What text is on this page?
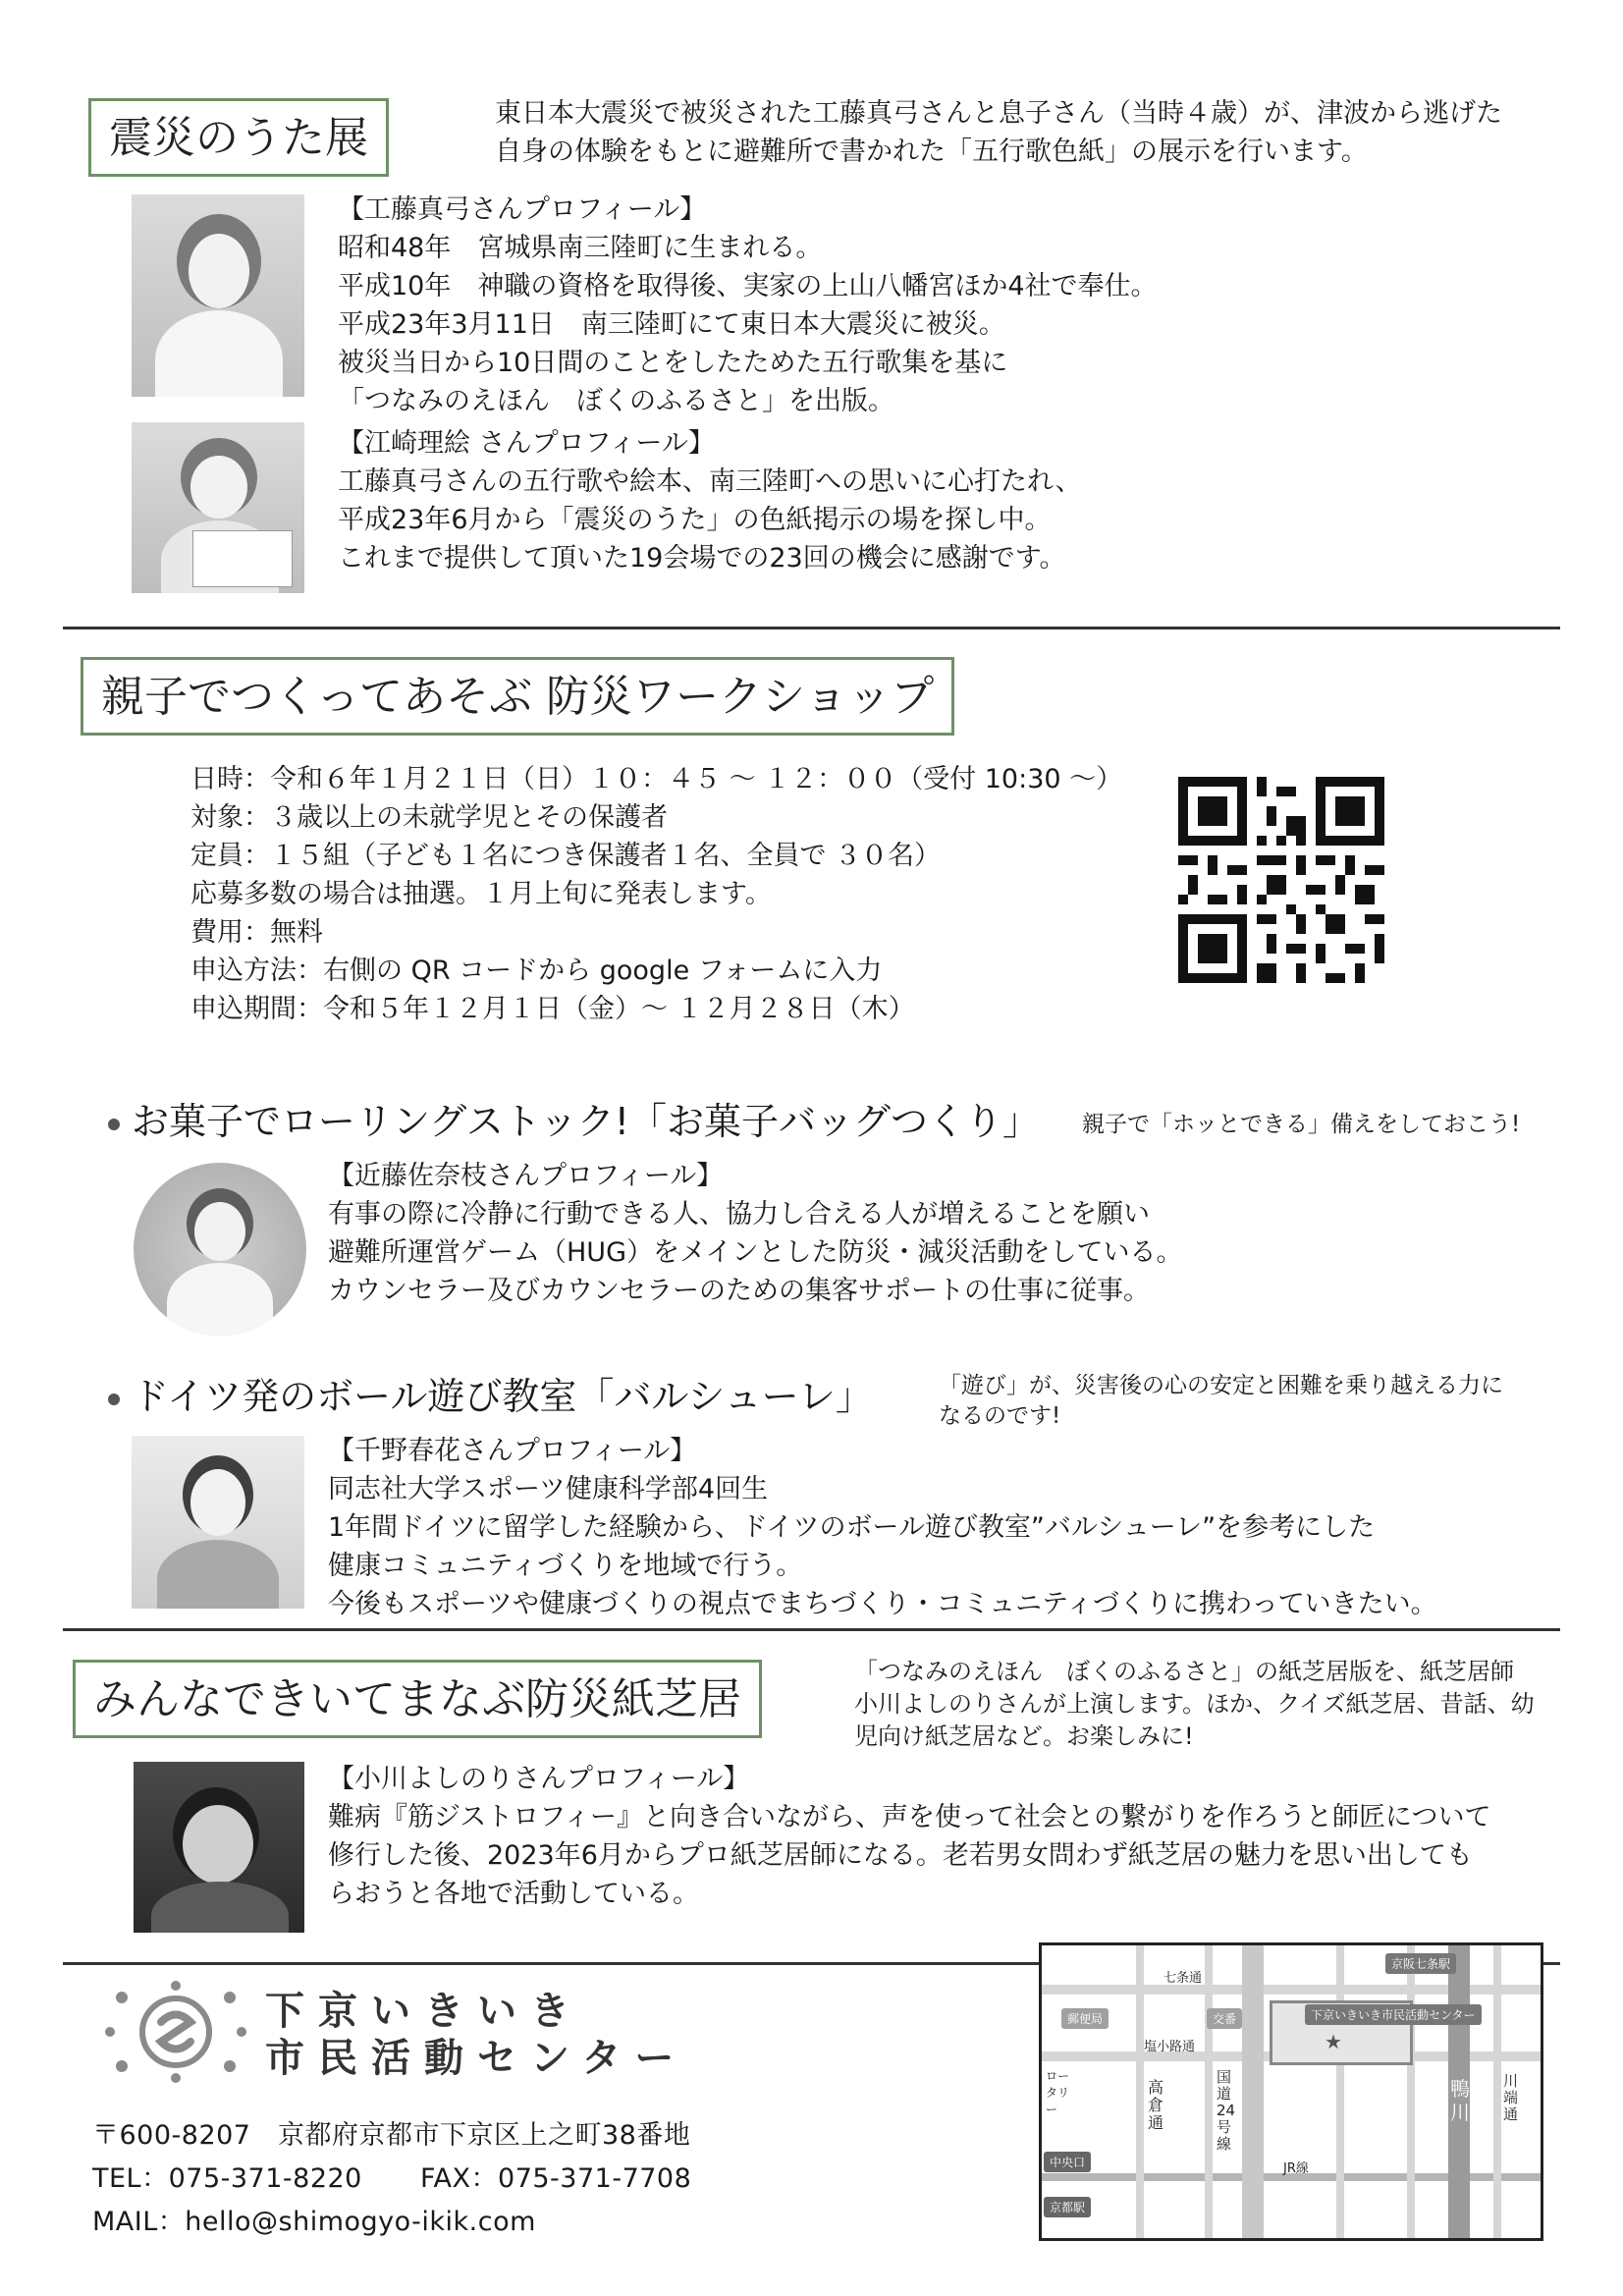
震災のうた展	東日本大震災で被災された工藤真弓さんと息子さん（当時４歳）が、津波から逃げた
自身の体験をもとに避難所で書かれた「五行歌色紙」の展示を行います。
【工藤真弓さんプロフィール】
昭和48年　宮城県南三陸町に生まれる。
平成10年　神職の資格を取得後、実家の上山八幡宮ほか4社で奉仕。
平成23年3月11日　南三陸町にて東日本大震災に被災。
被災当日から10日間のことをしたためた五行歌集を基に
「つなみのえほん　ぼくのふるさと」を出版。
【江崎理絵 さんプロフィール】
工藤真弓さんの五行歌や絵本、南三陸町への思いに心打たれ、
平成23年6月から「震災のうた」の色紙掲示の場を探し中。
これまで提供して頂いた19会場での23回の機会に感謝です。
親子でつくってあそぶ 防災ワークショップ
日時：令和６年１月２１日（日）１０：４５ ～ １２：００（受付 10:30 ～）
対象：３歳以上の未就学児とその保護者
定員：１５組（子ども１名につき保護者１名、全員で ３０名）
応募多数の場合は抽選。１月上旬に発表します。
費用：無料
申込方法：右側の QR コードから google フォームに入力
申込期間：令和５年１２月１日（金）～ １２月２８日（木）
お菓子でローリングストック!「お菓子バッグつくり」 親子で「ホッとできる」備えをしておこう!
【近藤佐奈枝さんプロフィール】
有事の際に冷静に行動できる人、協力し合える人が増えることを願い
避難所運営ゲーム（HUG）をメインとした防災・減災活動をしている。
カウンセラー及びカウンセラーのための集客サポートの仕事に従事。
ドイツ発のボール遊び教室「バルシューレ」	「遊び」が、災害後の心の安定と困難を乗り越える力に
なるのです!
【千野春花さんプロフィール】
同志社大学スポーツ健康科学部4回生
1年間ドイツに留学した経験から、ドイツのボール遊び教室”バルシューレ”を参考にした
健康コミュニティづくりを地域で行う。
今後もスポーツや健康づくりの視点でまちづくり・コミュニティづくりに携わっていきたい。
みんなできいてまなぶ防災紙芝居
「つなみのえほん　ぼくのふるさと」の紙芝居版を、紙芝居師
小川よしのりさんが上演します。ほか、クイズ紙芝居、昔話、幼
児向け紙芝居など。お楽しみに!
【小川よしのりさんプロフィール】
難病『筋ジストロフィー』と向き合いながら、声を使って社会との繋がりを作ろうと師匠について
修行した後、2023年6月からプロ紙芝居師になる。老若男女問わず紙芝居の魅力を思い出しても
らおうと各地で活動している。
下京いきいき
市民活動センター
〒600-8207　京都府京都市下京区上之町38番地
TEL：075-371-8220 FAX：075-371-7708
MAIL：hello@shimogyo-ikik.com
七条通
京阪七条駅
下京いきいき市民活動センター
★
塩小路通
郵便局	交番
ロータリー
高倉通
国道24号線
鴨川
川端通
JR線
中央口
京都駅
